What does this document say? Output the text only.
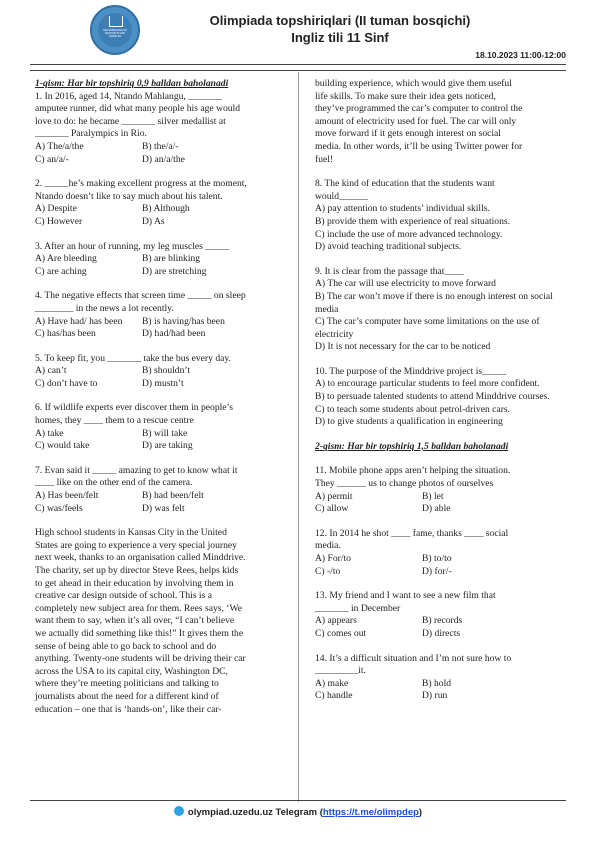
MAKTABGACHA VA MAKTAB TA'LIMI VAZIRLIGI
Olimpiada topshiriqlari (II tuman bosqichi)
Ingliz tili 11 Sinf
18.10.2023 11:00-12:00
1-qism: Har bir topshiriq 0,9 balldan baholanadi

1. In 2016, aged 14, Ntando Mahlangu, _______

amputee runner, did what many people his age would

love to do: he became _______ silver medallist at

_______ Paralympics in Rio.

A) The/a/the	B) the/a/-
C) an/a/-	D) an/a/the

2. _____he’s making excellent progress at the moment,

Ntando doesn’t like to say much about his talent.

A) Despite	B) Although
C) However	D) As

3. After an hour of running, my leg muscles _____

A) Are bleeding	B) are blinking
C) are aching	D) are stretching

4. The negative effects that screen time _____ on sleep

________ in the news a lot recently.

A) Have had/ has been	B) is having/has been
C) has/has been	D) had/had been

5. To keep fit, you _______ take the bus every day.

A) can’t	B) shouldn’t
C) don’t have to	D) mustn’t

6. If wildlife experts ever discover them in people’s

homes, they ____ them to a rescue centre

A) take	B) will take
C) would take	D) are taking

7. Evan said it _____ amazing to get to know what it

____ like on the other end of the camera.

A) Has been/felt	B) had been/felt
C) was/feels	D) was felt

High school students in Kansas City in the United

States are going to experience a very special journey

next week, thanks to an organisation called Minddrive.

The charity, set up by director Steve Rees, helps kids

to get ahead in their education by involving them in

creative car design outside of school. This is a

completely new subject area for them. Rees says, ‘We

want them to say, when it’s all over, “I can’t believe

we actually did something like this!” It gives them the

sense of being able to go back to school and do

anything. Twenty-one students will be driving their car

across the USA to its capital city, Washington DC,

where they’re meeting politicians and talking to

journalists about the need for a different kind of

education – one that is ‘hands-on’, like their car-

building experience, which would give them useful

life skills. To make sure their idea gets noticed,

they’ve programmed the car’s computer to control the

amount of electricity used for fuel. The car will only

move forward if it gets enough interest on social

media. In other words, it’ll be using Twitter power for

fuel!

8. The kind of education that the students want

would______

A) pay attention to students’ individual skills.
B) provide them with experience of real situations.
C) include the use of more advanced technology.
D) avoid teaching traditional subjects.

9. It is clear from the passage that____

A) The car will use electricity to move forward
B) The car won’t move if there is no enough interest on social media
C) The car’s computer have some limitations on the use of electricity
D) It is not necessary for the car to be noticed

10. The purpose of the Minddrive project is_____

A) to encourage particular students to feel more confident.
B) to persuade talented students to attend Minddrive courses.
C) to teach some students about petrol-driven cars.
D) to give students a qualification in engineering
2-qism: Har bir topshiriq 1,5 balldan baholanadi

11. Mobile phone apps aren’t helping the situation.

They ______ us to change photos of ourselves

A) permit	B) let
C) allow	D) able

12. In 2014 he shot ____ fame, thanks ____ social

media.

A) For/to	B) to/to
C) -/to	D) for/-

13. My friend and I want to see a new film that

_______ in December

A) appears	B) records
C) comes out	D) directs

14. It’s a difficult situation and I’m not sure how to

_________it.

A) make	B) hold
C) handle	D) run
olympiad.uzedu.uz Telegram (https://t.me/olimpdep)
